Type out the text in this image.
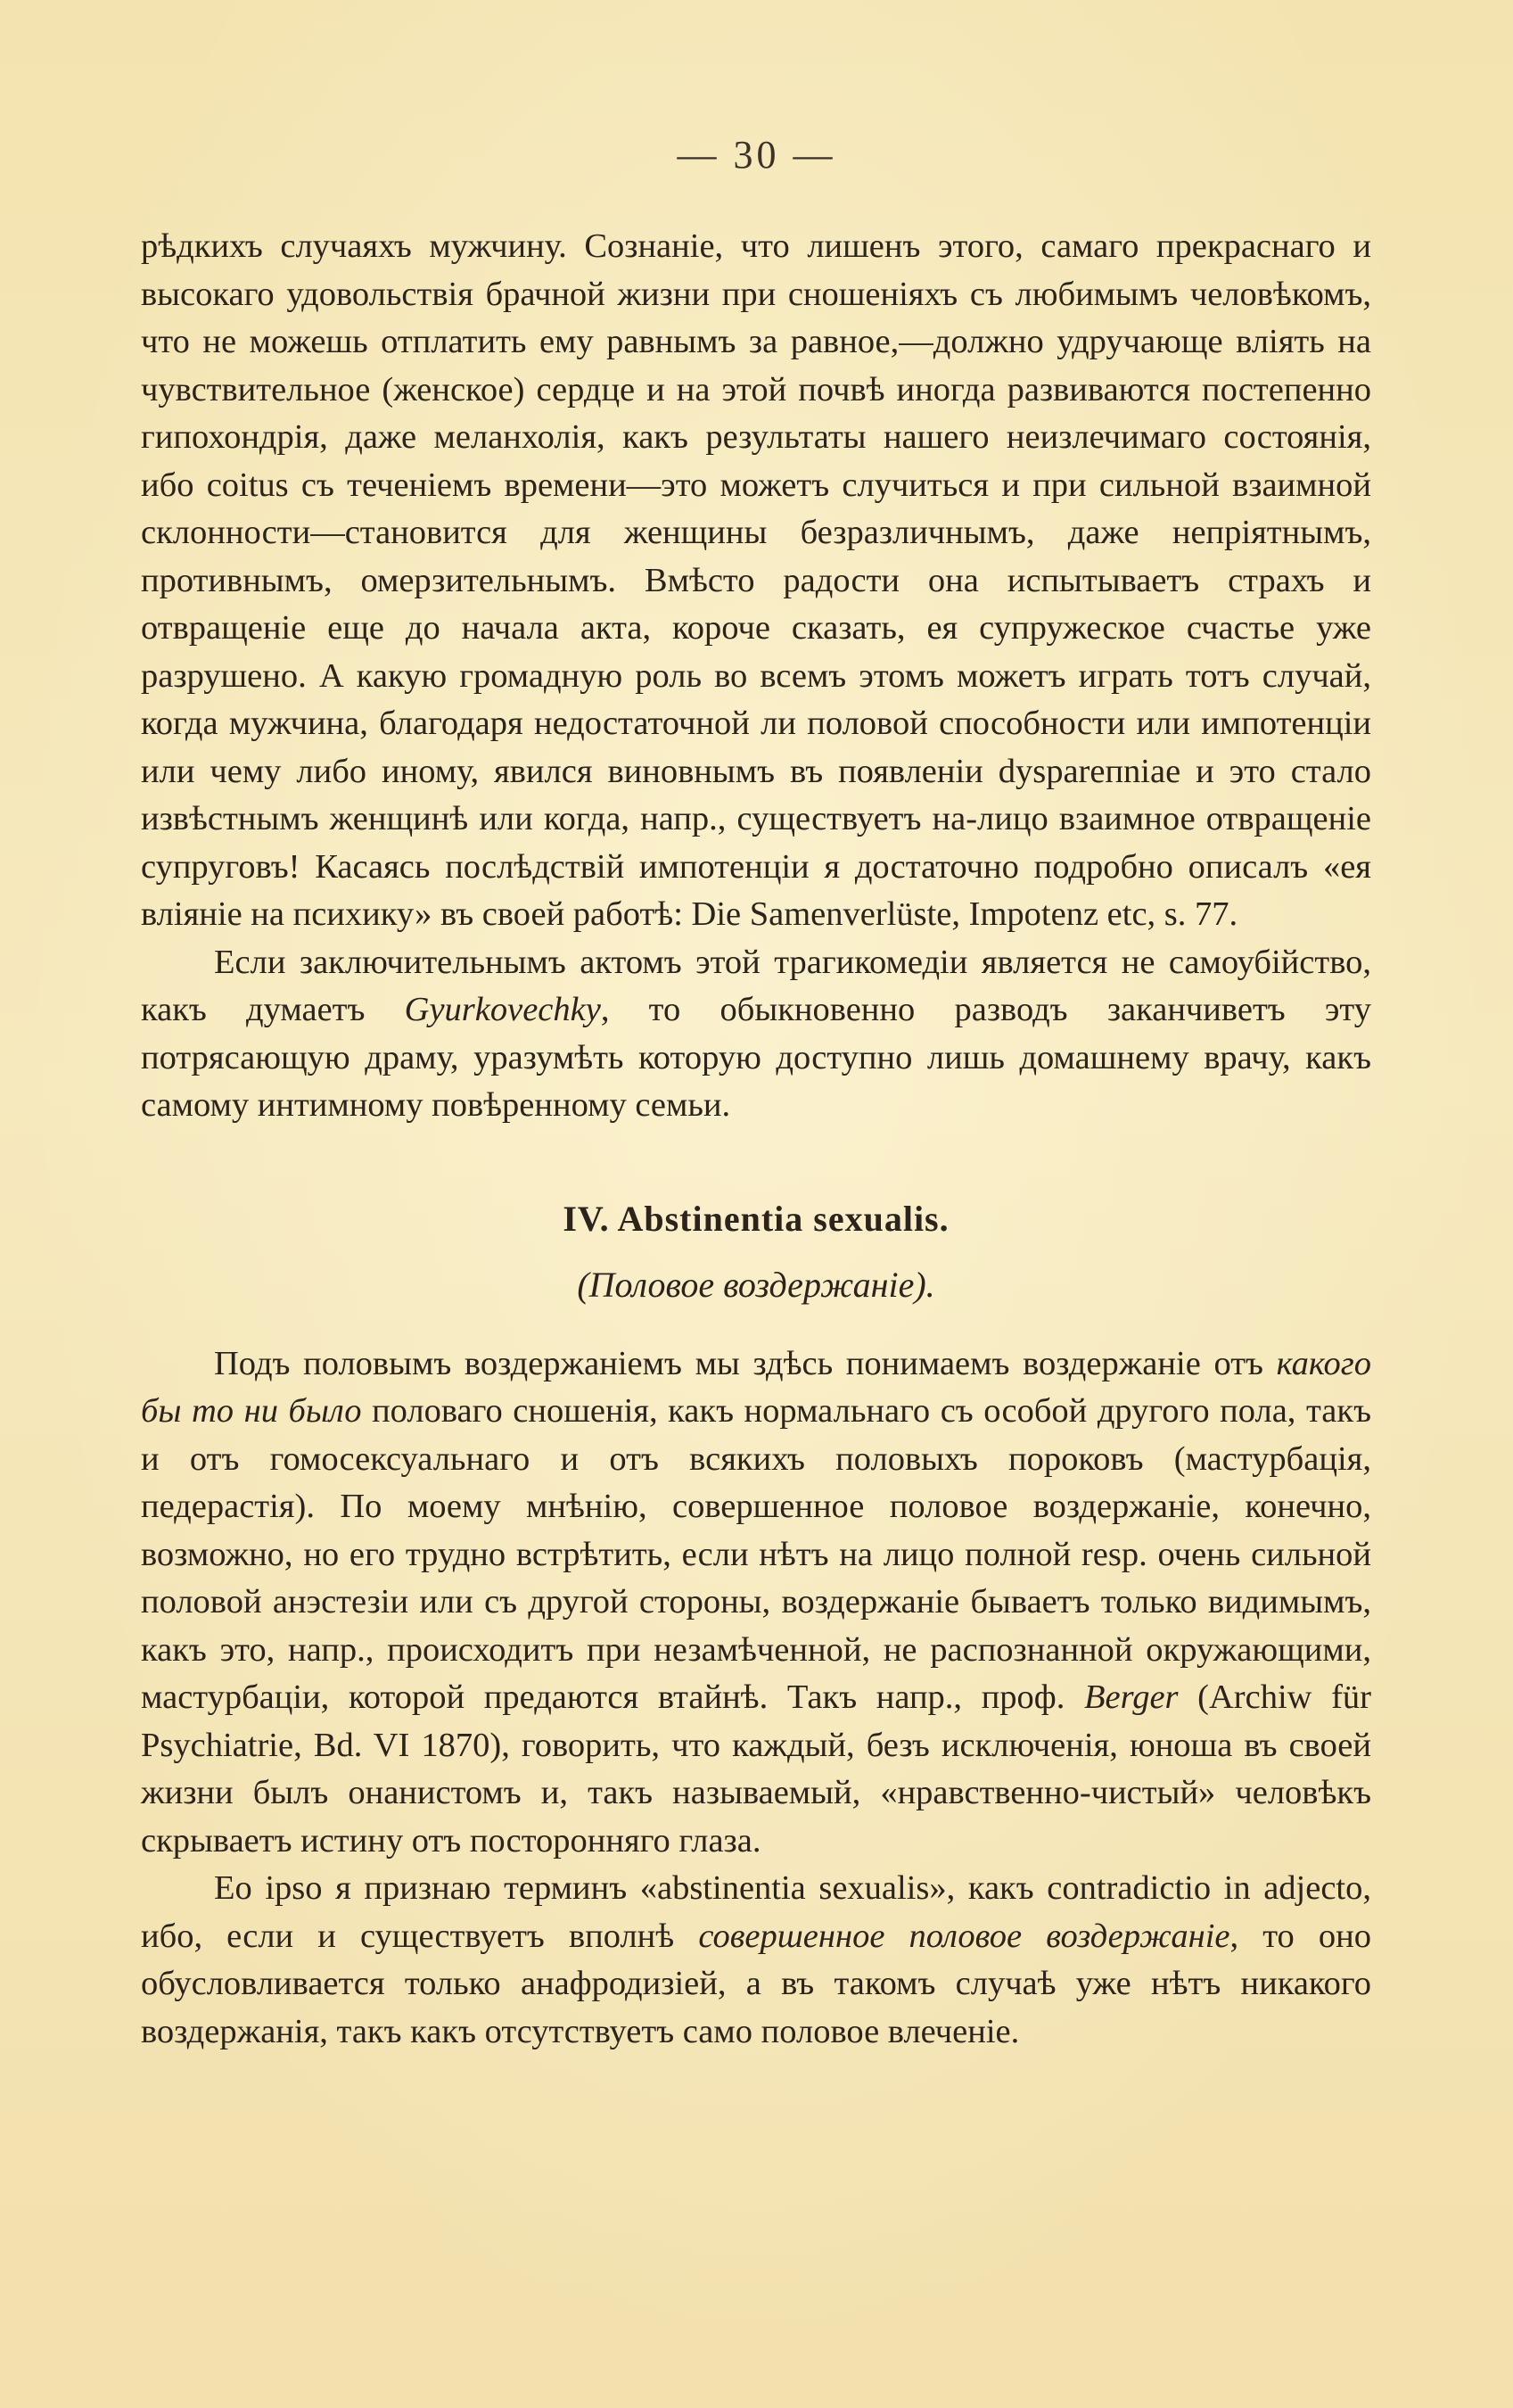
— 30 —

рѣдкихъ случаяхъ мужчину. Сознаніе, что лишенъ этого, самаго прекраснаго и высокаго удовольствія брачной жизни при сношеніяхъ съ любимымъ человѣкомъ, что не можешь отплатить ему равнымъ за равное,—должно удручающе вліять на чувствительное (женское) сердце и на этой почвѣ иногда развиваются постепенно гипохондрія, даже меланхолія, какъ результаты нашего неизлечимаго состоянія, ибо coitus съ теченіемъ времени—это можетъ случиться и при сильной взаимной склонности—становится для женщины безразличнымъ, даже непріятнымъ, противнымъ, омерзительнымъ. Вмѣсто радости она испытываетъ страхъ и отвращеніе еще до начала акта, короче сказать, ея супружеское счастье уже разрушено. А какую громадную роль во всемъ этомъ можетъ играть тотъ случай, когда мужчина, благодаря недостаточной ли половой способности или импотенціи или чему либо иному, явился виновнымъ въ появленіи dyspareпniae и это стало извѣстнымъ женщинѣ или когда, напр., существуетъ на-лицо взаимное отвращеніе супруговъ! Касаясь послѣдствій импотенціи я достаточно подробно описалъ «ея вліяніе на психику» въ своей работѣ: Die Samenverlüste, Impotenz etc, s. 77.

Если заключительнымъ актомъ этой трагикомедіи является не самоубійство, какъ думаетъ Gyurkovechky, то обыкновенно разводъ заканчиветъ эту потрясающую драму, уразумѣть которую доступно лишь домашнему врачу, какъ самому интимному повѣренному семьи.

IV. Abstinentia sexualis.
(Половое воздержаніе).

Подъ половымъ воздержаніемъ мы здѣсь понимаемъ воздержаніе отъ какого бы то ни было половаго сношенія, какъ нормальнаго съ особой другого пола, такъ и отъ гомосексуальнаго и отъ всякихъ половыхъ пороковъ (мастурбація, педерастія). По моему мнѣнію, совершенное половое воздержаніе, конечно, возможно, но его трудно встрѣтить, если нѣтъ на лицо полной resp. очень сильной половой анэстезіи или съ другой стороны, воздержаніе бываетъ только видимымъ, какъ это, напр., происходитъ при незамѣченной, не распознанной окружающими, мастурбаціи, которой предаются втайнѣ. Такъ напр., проф. Berger (Archiw für Psychiatrie, Bd. VI 1870), говорить, что каждый, безъ исключенія, юноша въ своей жизни былъ онанистомъ и, такъ называемый, «нравственно-чистый» человѣкъ скрываетъ истину отъ посторонняго глаза.

Eo ipso я признаю терминъ «abstinentia sexualis», какъ contradictio in adjecto, ибо, если и существуетъ вполнѣ совершенное половое воздержаніе, то оно обусловливается только анафродизіей, а въ такомъ случаѣ уже нѣтъ никакого воздержанія, такъ какъ отсутствуетъ само половое влеченіе.
